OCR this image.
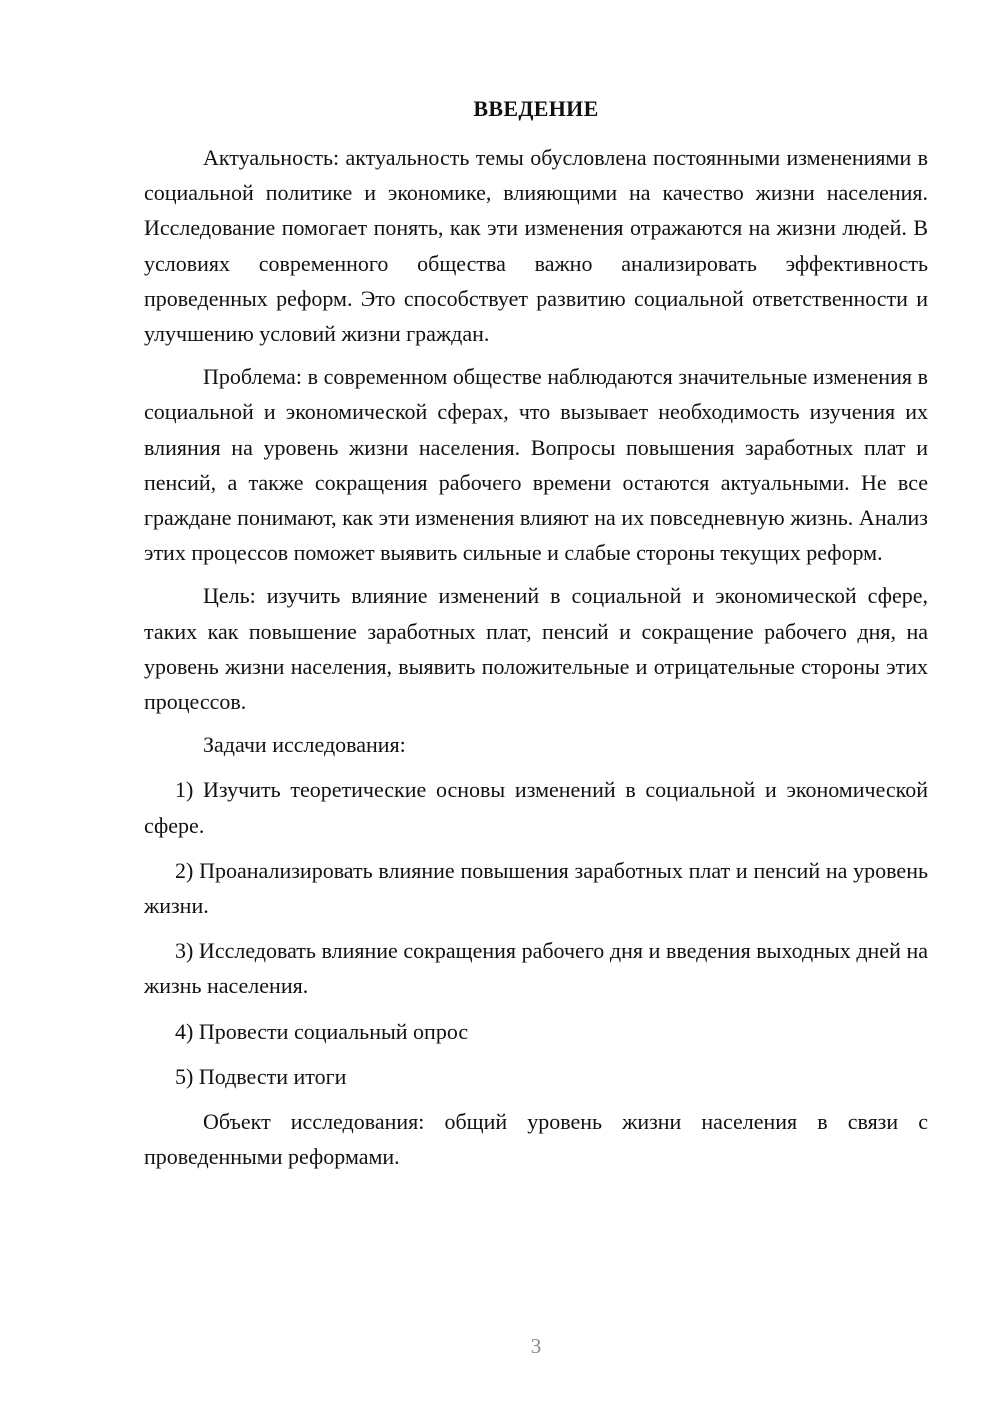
ВВЕДЕНИЕ

Актуальность: актуальность темы обусловлена постоянными изменениями в социальной политике и экономике, влияющими на качество жизни населения. Исследование помогает понять, как эти изменения отражаются на жизни людей. В условиях современного общества важно анализировать эффективность проведенных реформ. Это способствует развитию социальной ответственности и улучшению условий жизни граждан.

Проблема: в современном обществе наблюдаются значительные изменения в социальной и экономической сферах, что вызывает необходимость изучения их влияния на уровень жизни населения. Вопросы повышения заработных плат и пенсий, а также сокращения рабочего времени остаются актуальными. Не все граждане понимают, как эти изменения влияют на их повседневную жизнь. Анализ этих процессов поможет выявить сильные и слабые стороны текущих реформ.

Цель: изучить влияние изменений в социальной и экономической сфере, таких как повышение заработных плат, пенсий и сокращение рабочего дня, на уровень жизни населения, выявить положительные и отрицательные стороны этих процессов.

Задачи исследования:

1) Изучить теоретические основы изменений в социальной и экономической сфере.

2) Проанализировать влияние повышения заработных плат и пенсий на уровень жизни.

3) Исследовать влияние сокращения рабочего дня и введения выходных дней на жизнь населения.

4) Провести социальный опрос

5) Подвести итоги

Объект исследования: общий уровень жизни населения в связи с проведенными реформами.

3
